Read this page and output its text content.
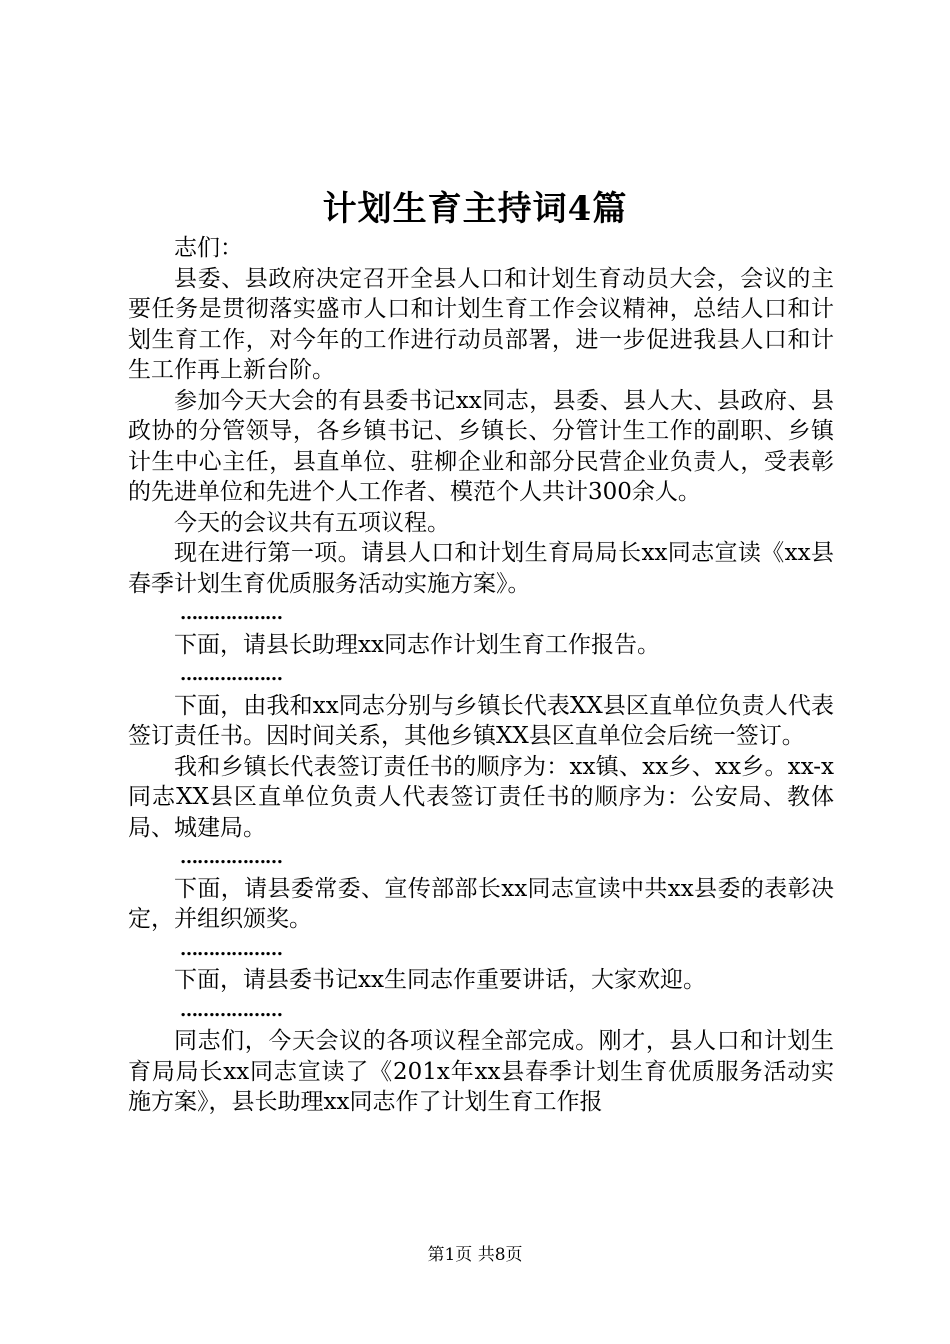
计划生育主持词4篇

志们：

县委、县政府决定召开全县人口和计划生育动员大会，会议的主要任务是贯彻落实盛市人口和计划生育工作会议精神，总结人口和计划生育工作，对今年的工作进行动员部署，进一步促进我县人口和计生工作再上新台阶。

参加今天大会的有县委书记xx同志，县委、县人大、县政府、县政协的分管领导，各乡镇书记、乡镇长、分管计生工作的副职、乡镇计生中心主任，县直单位、驻柳企业和部分民营企业负责人，受表彰的先进单位和先进个人工作者、模范个人共计300余人。

今天的会议共有五项议程。

现在进行第一项。请县人口和计划生育局局长xx同志宣读《xx县春季计划生育优质服务活动实施方案》。

………………

下面，请县长助理xx同志作计划生育工作报告。

………………

下面，由我和xx同志分别与乡镇长代表XX县区直单位负责人代表签订责任书。因时间关系，其他乡镇XX县区直单位会后统一签订。

我和乡镇长代表签订责任书的顺序为：xx镇、xx乡、xx乡。xx-x同志XX县区直单位负责人代表签订责任书的顺序为：公安局、教体局、城建局。

………………

下面，请县委常委、宣传部部长xx同志宣读中共xx县委的表彰决定，并组织颁奖。

………………

下面，请县委书记xx生同志作重要讲话，大家欢迎。

………………

同志们，今天会议的各项议程全部完成。刚才，县人口和计划生育局局长xx同志宣读了《201x年xx县春季计划生育优质服务活动实施方案》，县长助理xx同志作了计划生育工作报

第1页 共8页
